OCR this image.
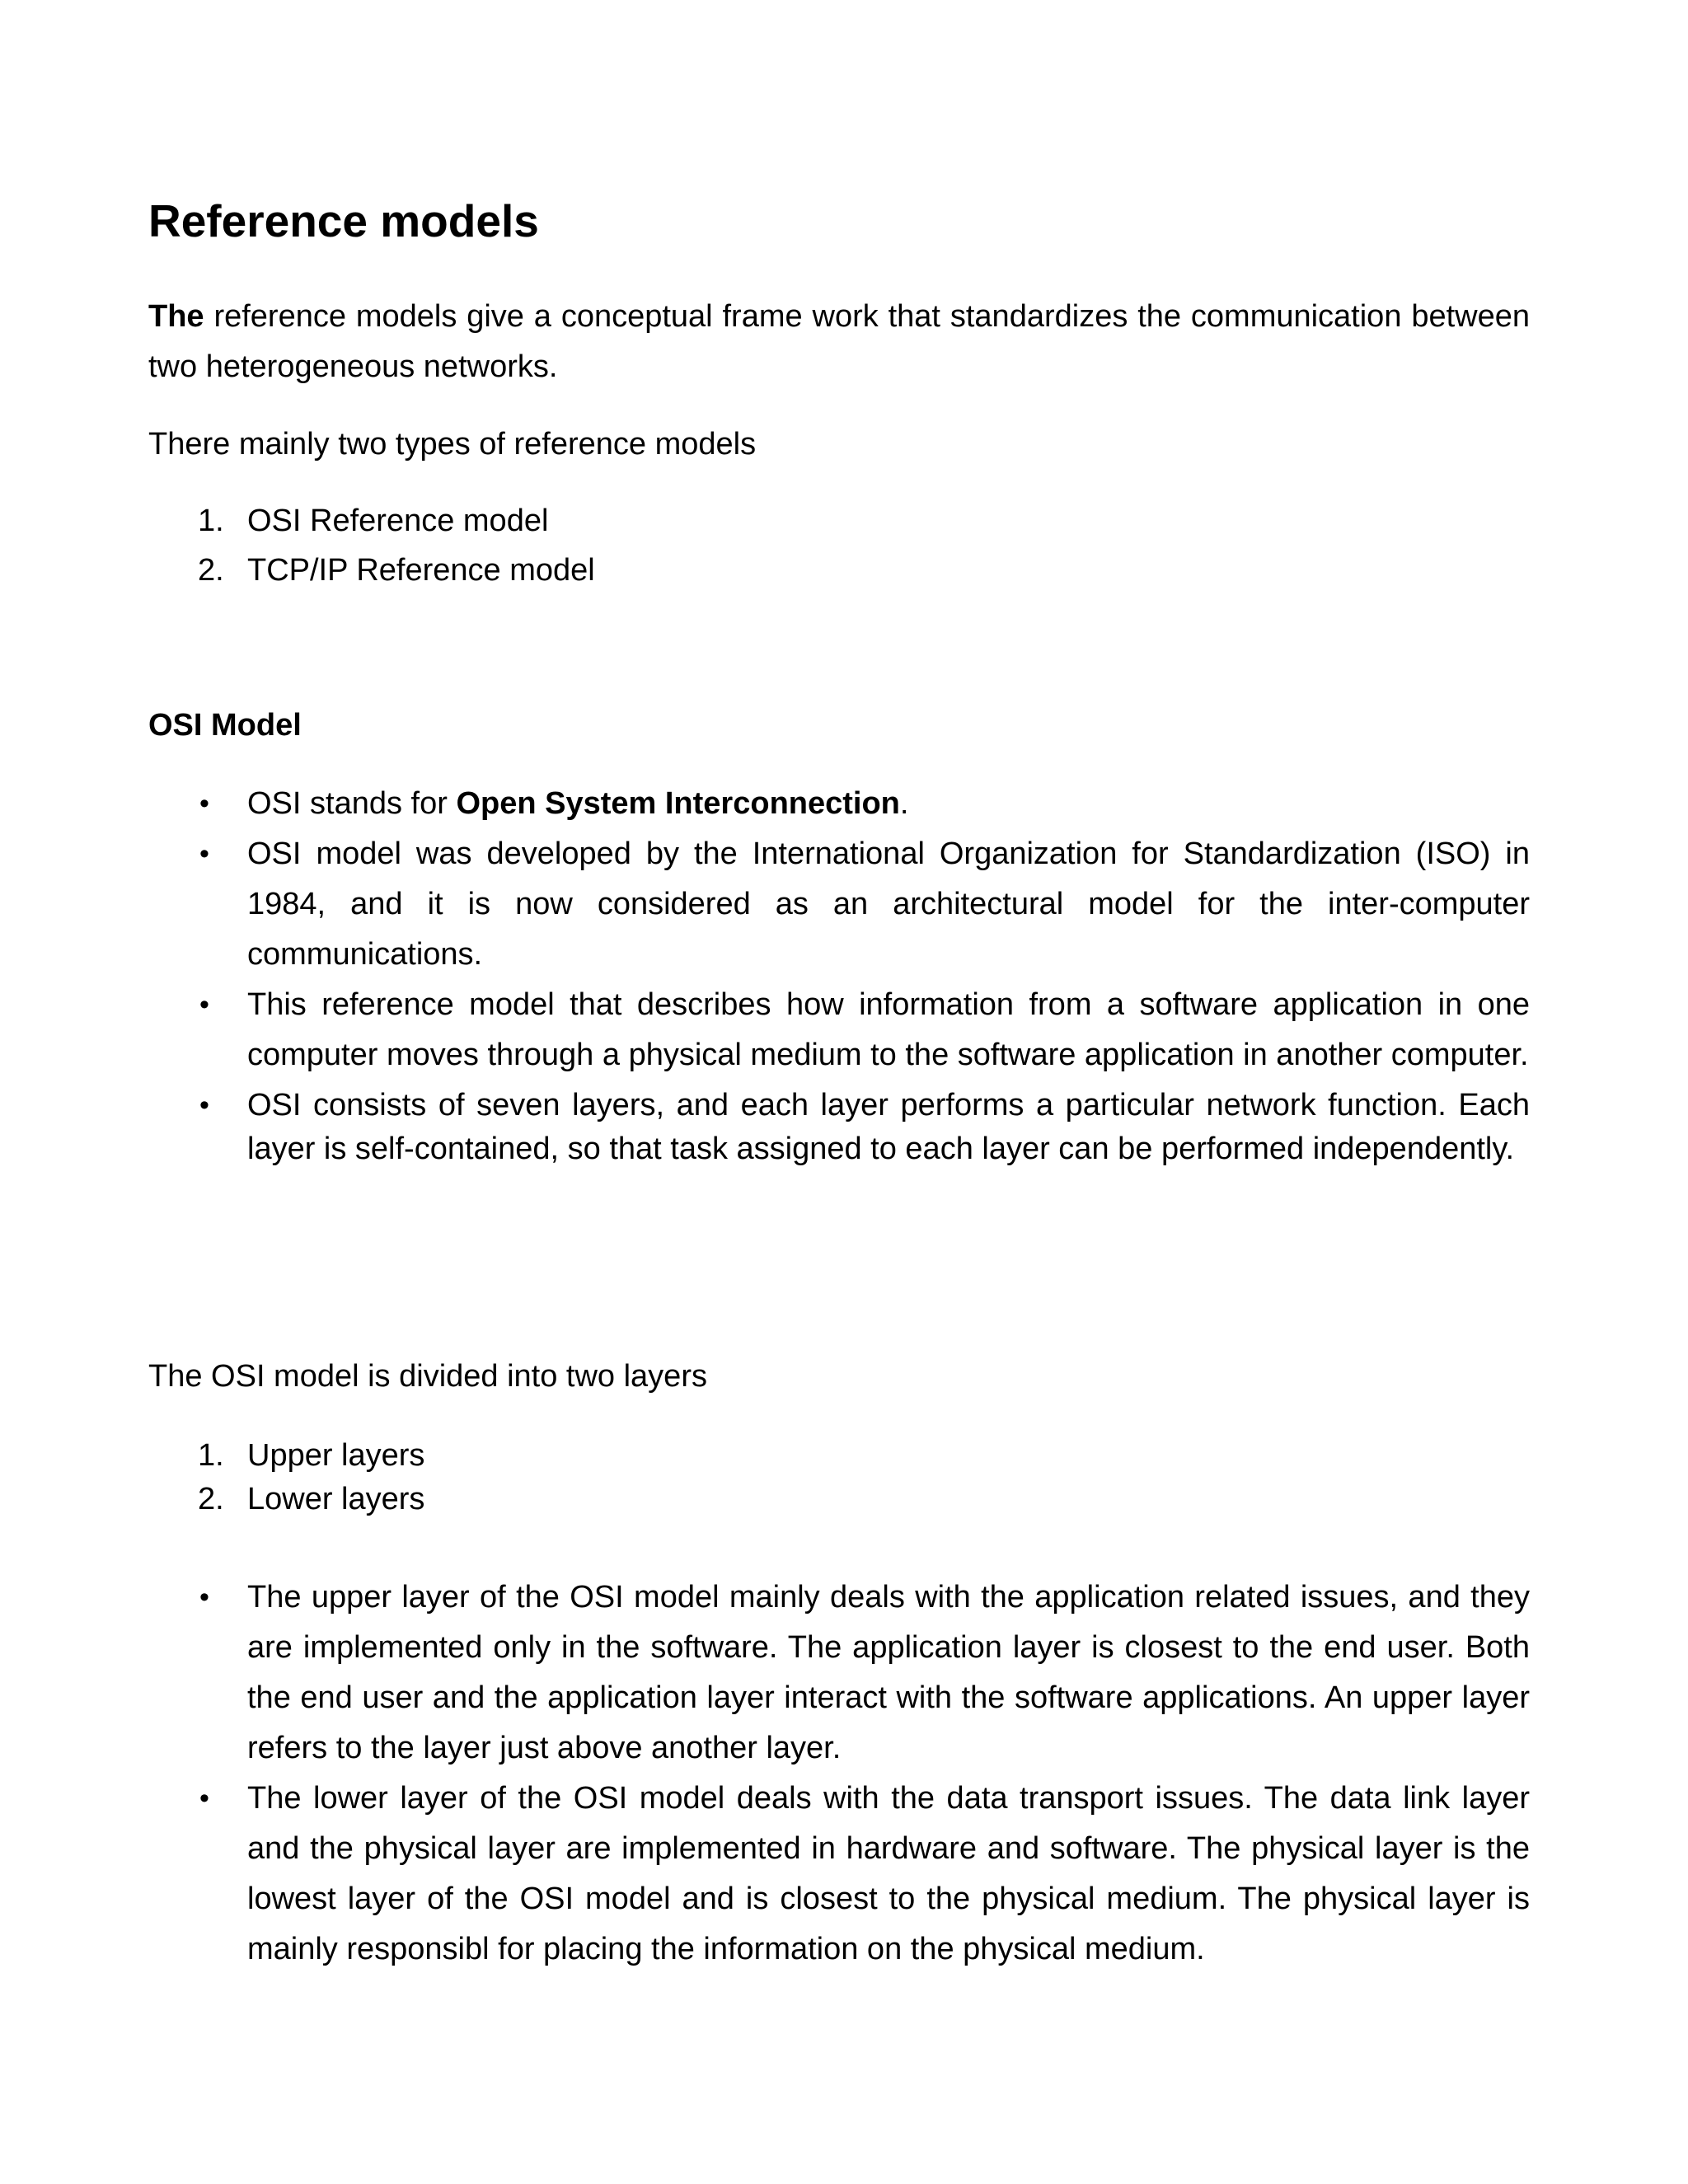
Reference models

The reference models give a conceptual frame work that standardizes the communication between two heterogeneous networks.

There mainly two types of reference models

1. OSI Reference model
2. TCP/IP Reference model
OSI Model
• OSI stands for Open System Interconnection.
• OSI model was developed by the International Organization for Standardization (ISO) in 1984, and it is now considered as an architectural model for the inter-computer communications.
• This reference model that describes how information from a software application in one computer moves through a physical medium to the software application in another computer.
• OSI consists of seven layers, and each layer performs a particular network function. Each layer is self-contained, so that task assigned to each layer can be performed independently.

The OSI model is divided into two layers

1. Upper layers
2. Lower layers
• The upper layer of the OSI model mainly deals with the application related issues, and they are implemented only in the software. The application layer is closest to the end user. Both the end user and the application layer interact with the software applications. An upper layer refers to the layer just above another layer.
• The lower layer of the OSI model deals with the data transport issues. The data link layer and the physical layer are implemented in hardware and software. The physical layer is the lowest layer of the OSI model and is closest to the physical medium. The physical layer is mainly responsibl for placing the information on the physical medium.
